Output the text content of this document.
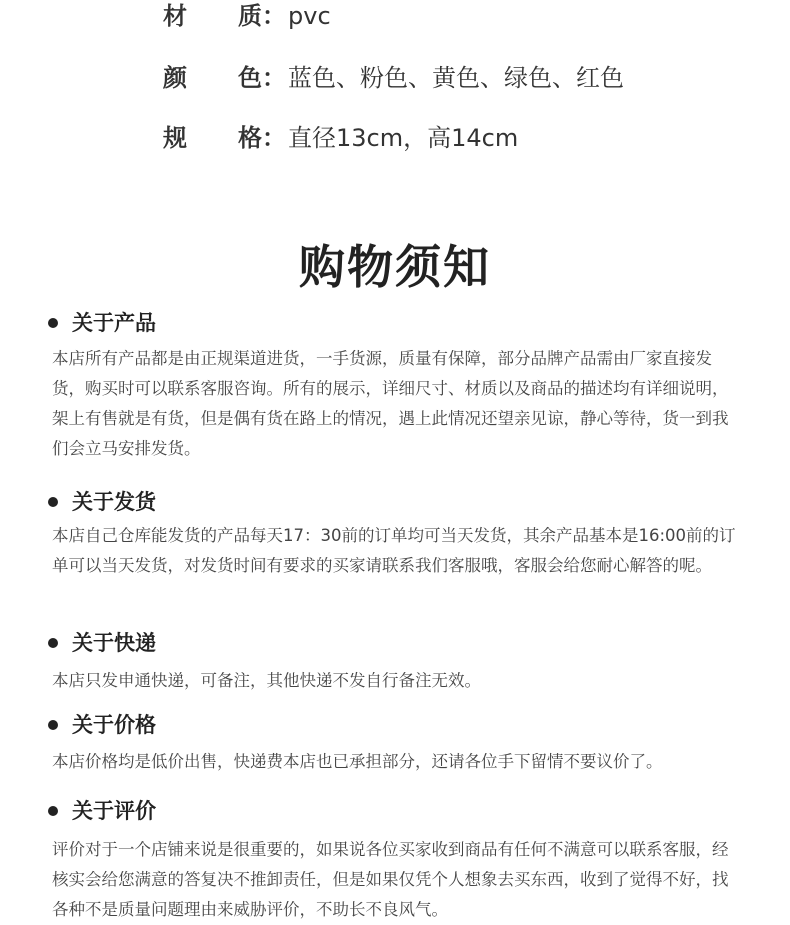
材 质： pvc
颜 色： 蓝色、粉色、黄色、绿色、红色
规 格： 直径13cm，高14cm
购物须知
关于产品

本店所有产品都是由正规渠道进货，一手货源，质量有保障，部分品牌产品需由厂家直接发货，购买时可以联系客服咨询。所有的展示，详细尺寸、材质以及商品的描述均有详细说明，架上有售就是有货，但是偶有货在路上的情况，遇上此情况还望亲见谅，静心等待，货一到我们会立马安排发货。

关于发货

本店自己仓库能发货的产品每天17：30前的订单均可当天发货，其余产品基本是16:00前的订单可以当天发货，对发货时间有要求的买家请联系我们客服哦，客服会给您耐心解答的呢。

关于快递

本店只发申通快递，可备注，其他快递不发自行备注无效。

关于价格

本店价格均是低价出售，快递费本店也已承担部分，还请各位手下留情不要议价了。

关于评价

评价对于一个店铺来说是很重要的，如果说各位买家收到商品有任何不满意可以联系客服，经核实会给您满意的答复决不推卸责任，但是如果仅凭个人想象去买东西，收到了觉得不好，找各种不是质量问题理由来威胁评价，不助长不良风气。
